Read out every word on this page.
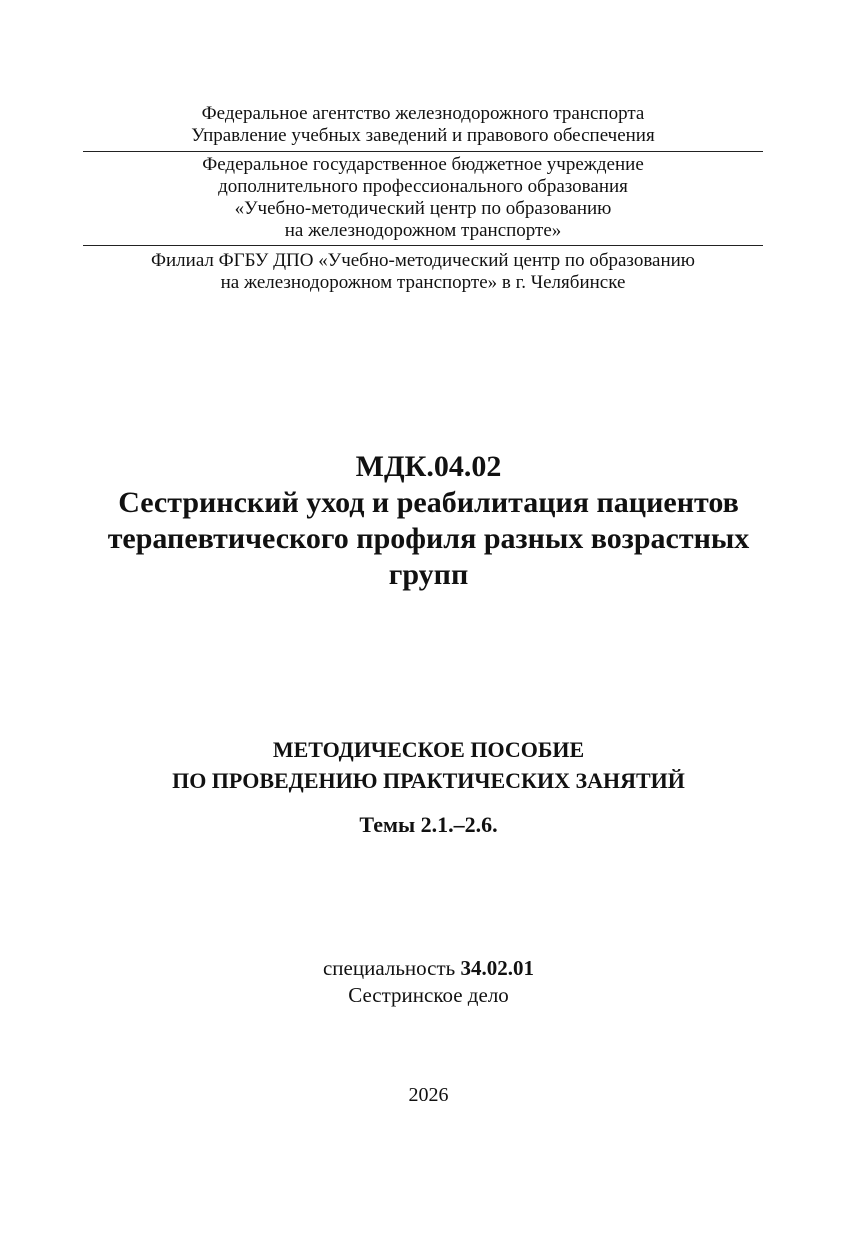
Федеральное агентство железнодорожного транспорта
Управление учебных заведений и правового обеспечения
Федеральное государственное бюджетное учреждение
дополнительного профессионального образования
«Учебно-методический центр по образованию
на железнодорожном транспорте»
Филиал ФГБУ ДПО «Учебно-методический центр по образованию
на железнодорожном транспорте» в г. Челябинске
МДК.04.02
Сестринский уход и реабилитация пациентов
терапевтического профиля разных возрастных
групп
МЕТОДИЧЕСКОЕ ПОСОБИЕ
ПО ПРОВЕДЕНИЮ ПРАКТИЧЕСКИХ ЗАНЯТИЙ
Темы 2.1.–2.6.
специальность 34.02.01
Сестринское дело
2026
